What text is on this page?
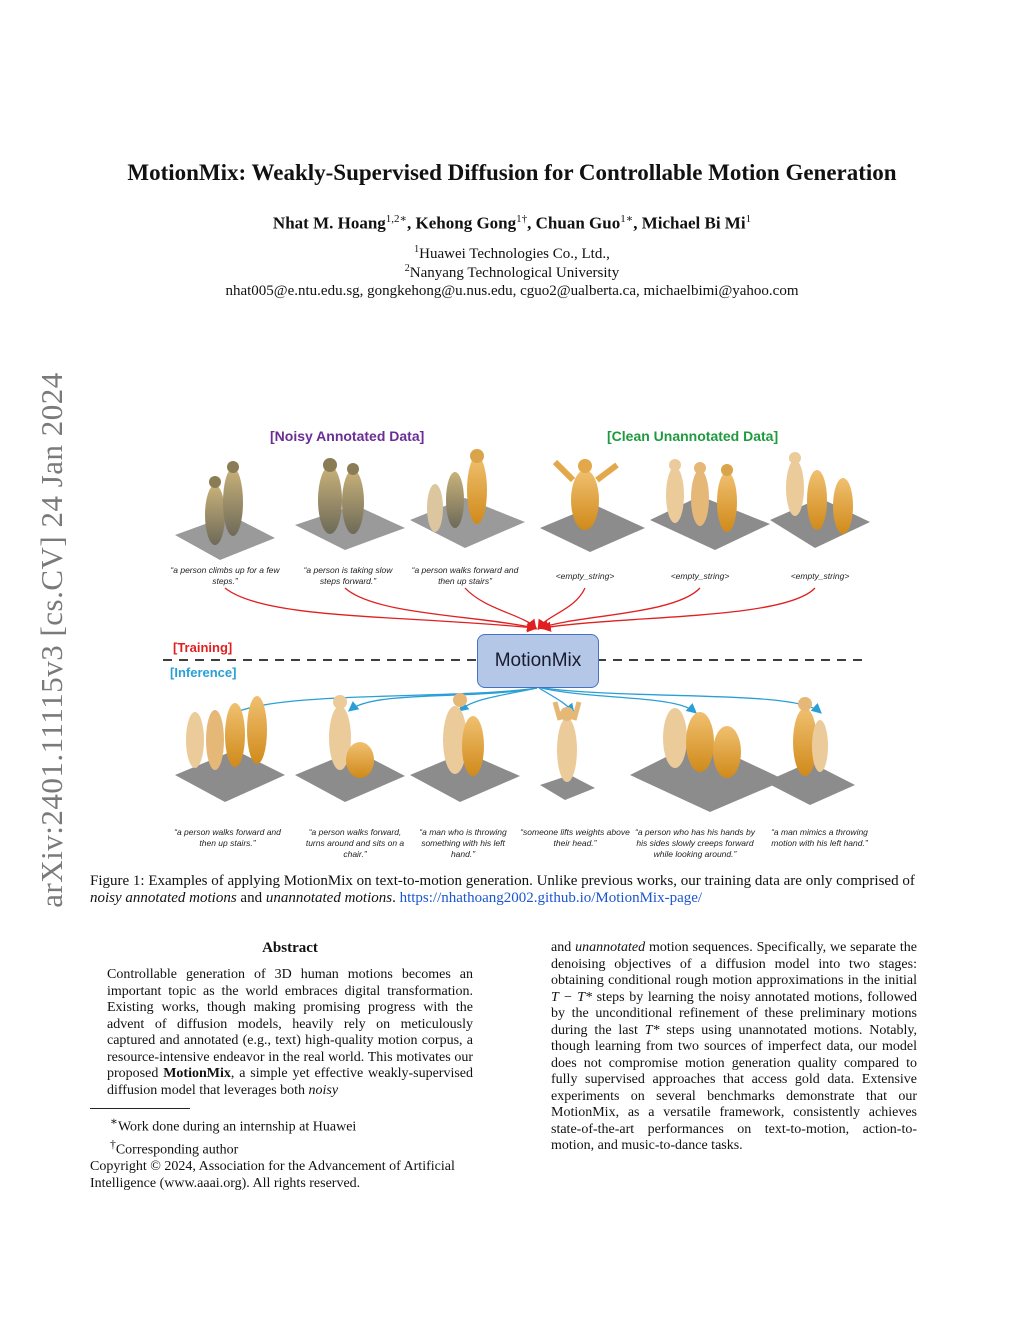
arXiv:2401.11115v3 [cs.CV] 24 Jan 2024
MotionMix: Weakly-Supervised Diffusion for Controllable Motion Generation
Nhat M. Hoang$^{1,2∗}$, Kehong Gong$^{1\dagger}$, Chuan Guo$^{1∗}$, Michael Bi Mi$^1$
$^1$Huawei Technologies Co., Ltd.,
$^2$Nanyang Technological University
nhat005@e.ntu.edu.sg, gongkehong@u.nus.edu, cguo2@ualberta.ca, michaelbimi@yahoo.com
[Noisy Annotated Data]	[Clean Unannotated Data]
“a person climbs up for a few steps.”
“a person is taking slow steps forward.”
“a person walks forward and then up stairs”	<empty_string>	<empty_string>	<empty_string>
[Training]
[Inference]
MotionMix
“a person walks forward and then up stairs.”
“a person walks forward, turns around and sits on a chair.”
“a man who is throwing something with his left hand.”
“someone lifts weights above their head.”
“a person who has his hands by his sides slowly creeps forward while looking around.”
“a man mimics a throwing motion with his left hand.”
Figure 1: Examples of applying MotionMix on text-to-motion generation. Unlike previous works, our training data are only comprised of noisy annotated motions and unannotated motions. https://nhathoang2002.github.io/MotionMix-page/
Abstract
Controllable generation of 3D human motions becomes an important topic as the world embraces digital transformation. Existing works, though making promising progress with the advent of diffusion models, heavily rely on meticulously captured and annotated (e.g., text) high-quality motion corpus, a resource-intensive endeavor in the real world. This motivates our proposed MotionMix, a simple yet effective weakly-supervised diffusion model that leverages both noisy
and unannotated motion sequences. Specifically, we separate the denoising objectives of a diffusion model into two stages: obtaining conditional rough motion approximations in the initial T − T* steps by learning the noisy annotated motions, followed by the unconditional refinement of these preliminary motions during the last T* steps using unannotated motions. Notably, though learning from two sources of imperfect data, our model does not compromise motion generation quality compared to fully supervised approaches that access gold data. Extensive experiments on several benchmarks demonstrate that our MotionMix, as a versatile framework, consistently achieves state-of-the-art performances on text-to-motion, action-to-motion, and music-to-dance tasks.
∗Work done during an internship at Huawei
†Corresponding author
Copyright © 2024, Association for the Advancement of Artificial Intelligence (www.aaai.org). All rights reserved.
